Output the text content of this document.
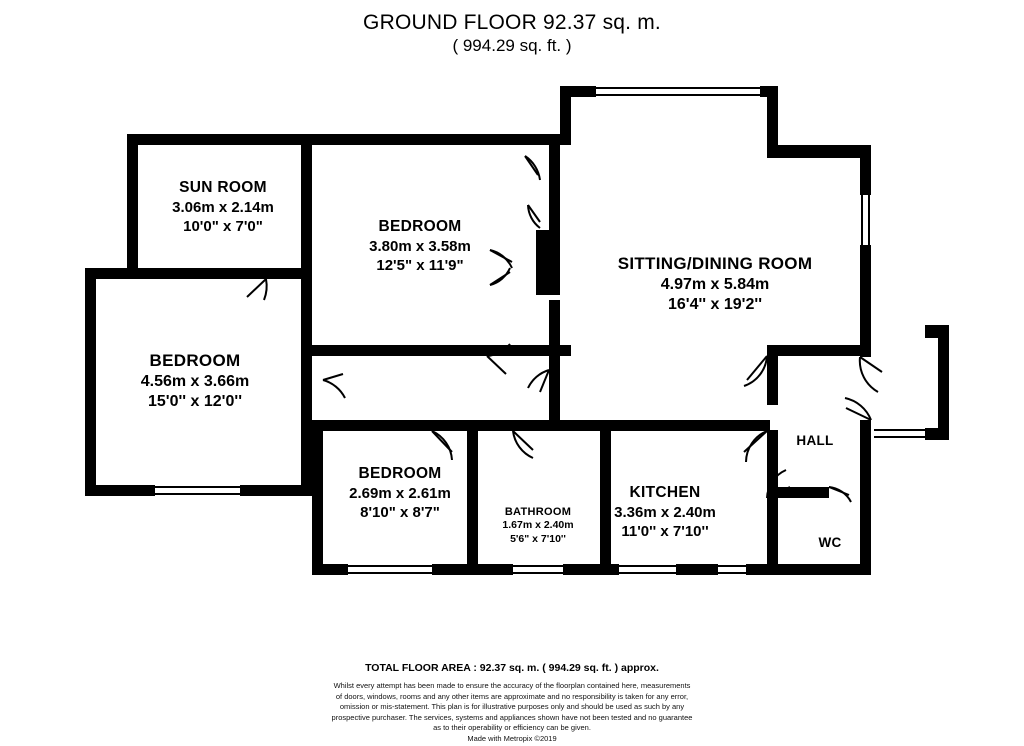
GROUND FLOOR 92.37 sq. m.
( 994.29 sq. ft. )
SUN ROOM
3.06m x 2.14m
10'0" x 7'0"	BEDROOM
3.80m x 3.58m
12'5" x 11'9"	SITTING/DINING ROOM
4.97m x 5.84m
16'4'' x 19'2''
BEDROOM
4.56m x 3.66m
15'0'' x 12'0''
BEDROOM
2.69m x 2.61m
8'10" x 8'7"	BATHROOM
1.67m x 2.40m
5'6" x 7'10''
KITCHEN
3.36m x 2.40m
11'0'' x 7'10''
HALL
WC
TOTAL FLOOR AREA : 92.37 sq. m. ( 994.29 sq. ft. ) approx.
Whilst every attempt has been made to ensure the accuracy of the floorplan contained here, measurements
of doors, windows, rooms and any other items are approximate and no responsibility is taken for any error,
omission or mis-statement. This plan is for illustrative purposes only and should be used as such by any
prospective purchaser. The services, systems and appliances shown have not been tested and no guarantee
as to their operability or efficiency can be given.
Made with Metropix ©2019
